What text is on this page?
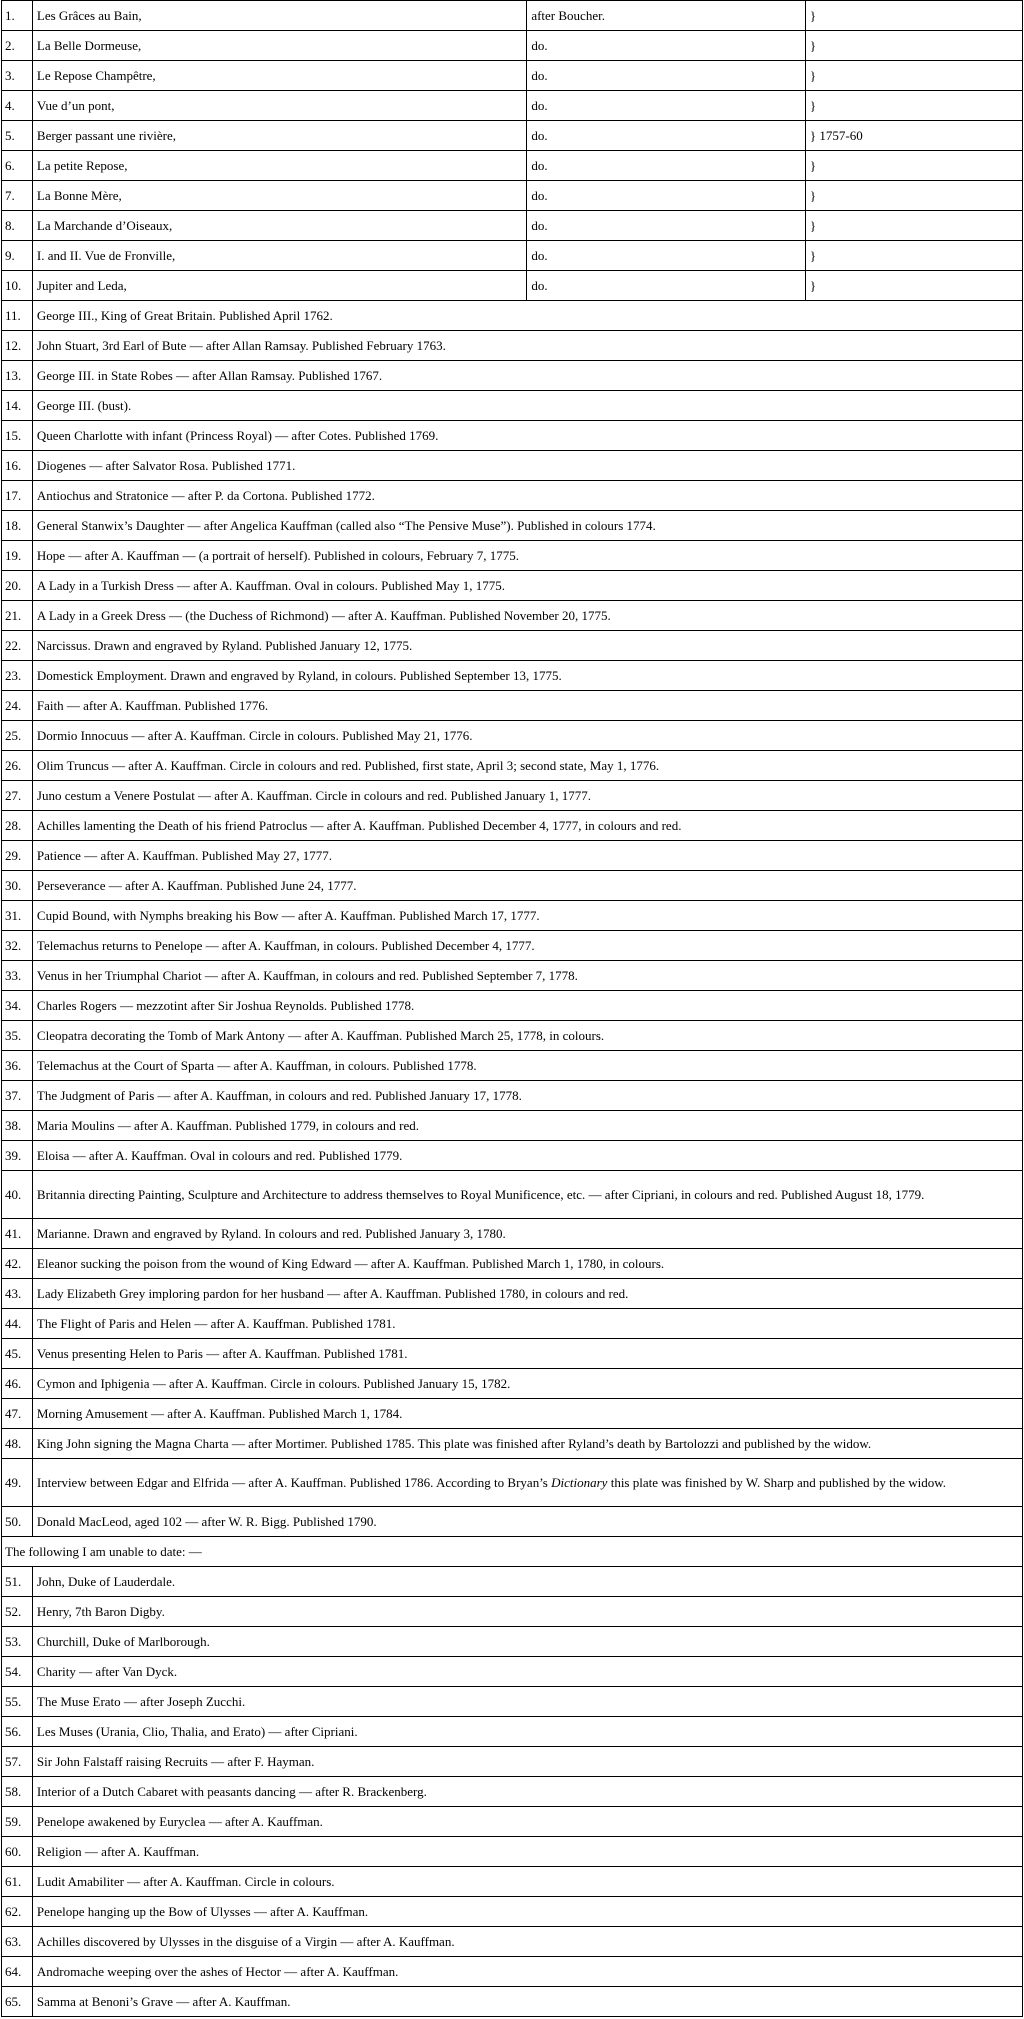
1.	Les Grâces au Bain,	after Boucher.	}
2.	La Belle Dormeuse,	do.	}
3.	Le Repose Champêtre,	do.	}
4.	Vue d’un pont,	do.	}
5.	Berger passant une rivière,	do.	} 1757-60
6.	La petite Repose,	do.	}
7.	La Bonne Mère,	do.	}
8.	La Marchande d’Oiseaux,	do.	}
9.	I. and II. Vue de Fronville,	do.	}
10.	Jupiter and Leda,	do.	}
11.	George III., King of Great Britain. Published April 1762.		
12.	John Stuart, 3rd Earl of Bute — after Allan Ramsay. Published February 1763.		
13.	George III. in State Robes — after Allan Ramsay. Published 1767.		
14.	George III. (bust).		
15.	Queen Charlotte with infant (Princess Royal) — after Cotes. Published 1769.		
16.	Diogenes — after Salvator Rosa. Published 1771.		
17.	Antiochus and Stratonice — after P. da Cortona. Published 1772.		
18.	General Stanwix’s Daughter — after Angelica Kauffman (called also “The Pensive Muse”). Published in colours 1774.		
19.	Hope — after A. Kauffman — (a portrait of herself). Published in colours, February 7, 1775.		
20.	A Lady in a Turkish Dress — after A. Kauffman. Oval in colours. Published May 1, 1775.		
21.	A Lady in a Greek Dress — (the Duchess of Richmond) — after A. Kauffman. Published November 20, 1775.		
22.	Narcissus. Drawn and engraved by Ryland. Published January 12, 1775.		
23.	Domestick Employment. Drawn and engraved by Ryland, in colours. Published September 13, 1775.		
24.	Faith — after A. Kauffman. Published 1776.		
25.	Dormio Innocuus — after A. Kauffman. Circle in colours. Published May 21, 1776.		
26.	Olim Truncus — after A. Kauffman. Circle in colours and red. Published, first state, April 3; second state, May 1, 1776.		
27.	Juno cestum a Venere Postulat — after A. Kauffman. Circle in colours and red. Published January 1, 1777.		
28.	Achilles lamenting the Death of his friend Patroclus — after A. Kauffman. Published December 4, 1777, in colours and red.		
29.	Patience — after A. Kauffman. Published May 27, 1777.		
30.	Perseverance — after A. Kauffman. Published June 24, 1777.		
31.	Cupid Bound, with Nymphs breaking his Bow — after A. Kauffman. Published March 17, 1777.		
32.	Telemachus returns to Penelope — after A. Kauffman, in colours. Published December 4, 1777.		
33.	Venus in her Triumphal Chariot — after A. Kauffman, in colours and red. Published September 7, 1778.		
34.	Charles Rogers — mezzotint after Sir Joshua Reynolds. Published 1778.		
35.	Cleopatra decorating the Tomb of Mark Antony — after A. Kauffman. Published March 25, 1778, in colours.		
36.	Telemachus at the Court of Sparta — after A. Kauffman, in colours. Published 1778.		
37.	The Judgment of Paris — after A. Kauffman, in colours and red. Published January 17, 1778.		
38.	Maria Moulins — after A. Kauffman. Published 1779, in colours and red.		
39.	Eloisa — after A. Kauffman. Oval in colours and red. Published 1779.		
40.	Britannia directing Painting, Sculpture and Architecture to address themselves to Royal Munificence, etc. — after Cipriani, in colours and red. Published August 18, 1779.		
41.	Marianne. Drawn and engraved by Ryland. In colours and red. Published January 3, 1780.		
42.	Eleanor sucking the poison from the wound of King Edward — after A. Kauffman. Published March 1, 1780, in colours.		
43.	Lady Elizabeth Grey imploring pardon for her husband — after A. Kauffman. Published 1780, in colours and red.		
44.	The Flight of Paris and Helen — after A. Kauffman. Published 1781.		
45.	Venus presenting Helen to Paris — after A. Kauffman. Published 1781.		
46.	Cymon and Iphigenia — after A. Kauffman. Circle in colours. Published January 15, 1782.		
47.	Morning Amusement — after A. Kauffman. Published March 1, 1784.		
48.	King John signing the Magna Charta — after Mortimer. Published 1785. This plate was finished after Ryland’s death by Bartolozzi and published by the widow.		
49.	Interview between Edgar and Elfrida — after A. Kauffman. Published 1786. According to Bryan’s Dictionary this plate was finished by W. Sharp and published by the widow.		
50.	Donald MacLeod, aged 102 — after W. R. Bigg. Published 1790.		
The following I am unable to date: —			
51.	John, Duke of Lauderdale.		
52.	Henry, 7th Baron Digby.		
53.	Churchill, Duke of Marlborough.		
54.	Charity — after Van Dyck.		
55.	The Muse Erato — after Joseph Zucchi.		
56.	Les Muses (Urania, Clio, Thalia, and Erato) — after Cipriani.		
57.	Sir John Falstaff raising Recruits — after F. Hayman.		
58.	Interior of a Dutch Cabaret with peasants dancing — after R. Brackenberg.		
59.	Penelope awakened by Euryclea — after A. Kauffman.		
60.	Religion — after A. Kauffman.		
61.	Ludit Amabiliter — after A. Kauffman. Circle in colours.		
62.	Penelope hanging up the Bow of Ulysses — after A. Kauffman.		
63.	Achilles discovered by Ulysses in the disguise of a Virgin — after A. Kauffman.		
64.	Andromache weeping over the ashes of Hector — after A. Kauffman.		
65.	Samma at Benoni’s Grave — after A. Kauffman.		
